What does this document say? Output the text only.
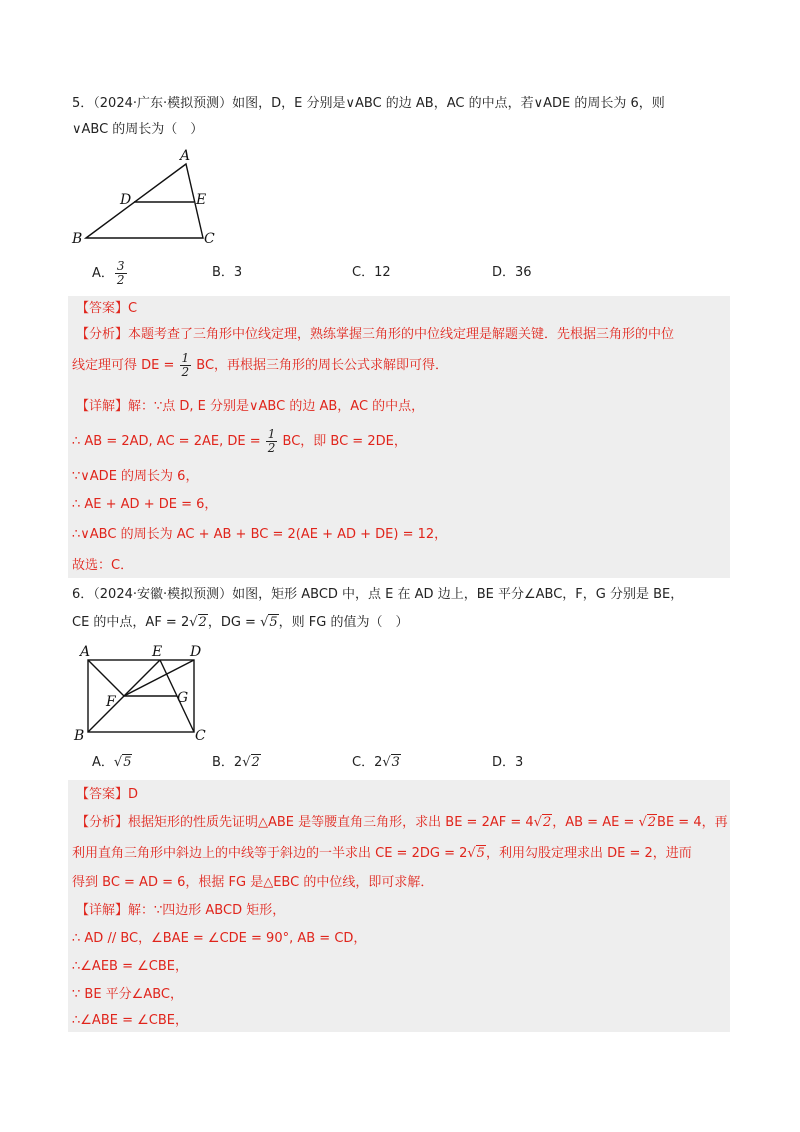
5．（2024·广东·模拟预测）如图，D，E 分别是∨ABC 的边 AB，AC 的中点，若∨ADE 的周长为 6，则
∨ABC 的周长为（　）
A
B	C
D	E
A． $\frac{3}{2}$	B．3	C．12	D．36
【答案】C
【分析】本题考查了三角形中位线定理，熟练掌握三角形的中位线定理是解题关键．先根据三角形的中位
线定理可得 DE = $\frac{1}{2}$ BC，再根据三角形的周长公式求解即可得．
【详解】解：∵点 D, E 分别是∨ABC 的边 AB，AC 的中点，
∴ AB = 2AD, AC = 2AE, DE = $\frac{1}{2}$ BC，即 BC = 2DE，
∵∨ADE 的周长为 6，
∴ AE + AD + DE = 6，
∴∨ABC 的周长为 AC + AB + BC = 2(AE + AD + DE) = 12，
故选：C．
6．（2024·安徽·模拟预测）如图，矩形 ABCD 中，点 E 在 AD 边上，BE 平分∠ABC，F，G 分别是 BE，
CE 的中点，AF = 2√2，DG = √5，则 FG 的值为（　）
A	E D
B	C
F	G
A．√5	B．2√2	C．2√3	D．3
【答案】D
【分析】根据矩形的性质先证明△ABE 是等腰直角三角形，求出 BE = 2AF = 4√2，AB = AE = √2BE = 4，再
利用直角三角形中斜边上的中线等于斜边的一半求出 CE = 2DG = 2√5，利用勾股定理求出 DE = 2，进而
得到 BC = AD = 6，根据 FG 是△EBC 的中位线，即可求解．
【详解】解：∵四边形 ABCD 矩形，
∴ AD // BC，∠BAE = ∠CDE = 90°, AB = CD，
∴∠AEB = ∠CBE，
∵ BE 平分∠ABC，
∴∠ABE = ∠CBE，
